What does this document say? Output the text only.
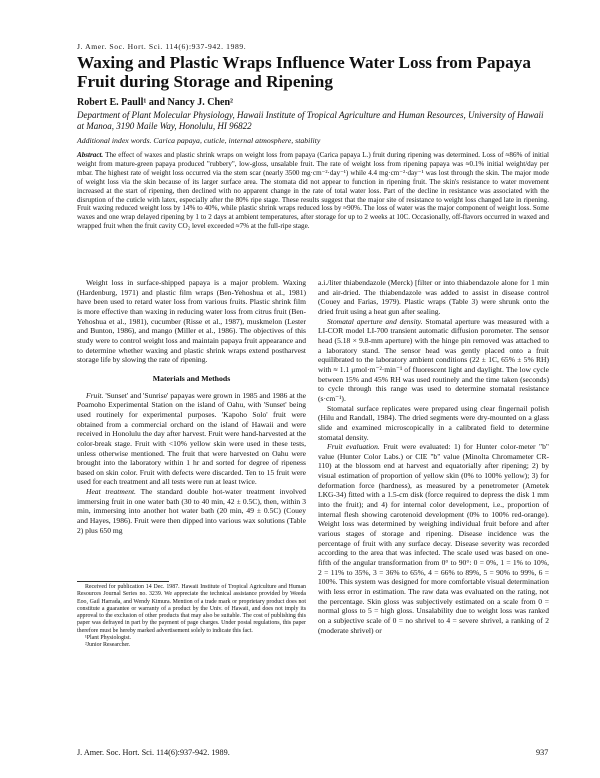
J. Amer. Soc. Hort. Sci. 114(6):937-942. 1989.
Waxing and Plastic Wraps Influence Water Loss from Papaya Fruit during Storage and Ripening
Robert E. Paull¹ and Nancy J. Chen²
Department of Plant Molecular Physiology, Hawaii Institute of Tropical Agriculture and Human Resources, University of Hawaii at Manoa, 3190 Maile Way, Honolulu, HI 96822
Additional index words. Carica papaya, cuticle, internal atmosphere, stability
Abstract. The effect of waxes and plastic shrink wraps on weight loss from papaya (Carica papaya L.) fruit during ripening was determined. Loss of ≈86% of initial weight from mature-green papaya produced "rubbery", low-gloss, unsalable fruit. The rate of weight loss from ripening papaya was ≈0.1% initial weight/day per mbar. The highest rate of weight loss occurred via the stem scar (nearly 3500 mg·cm⁻²·day⁻¹) while 4.4 mg·cm⁻²·day⁻¹ was lost through the skin. The major mode of weight loss via the skin because of its larger surface area. The stomata did not appear to function in ripening fruit. The skin's resistance to water movement increased at the start of ripening, then declined with no apparent change in the rate of total water loss. Part of the decline in resistance was associated with the disruption of the cuticle with latex, especially after the 80% ripe stage. These results suggest that the major site of resistance to weight loss changed late in ripening. Fruit waxing reduced weight loss by 14% to 40%, while plastic shrink wraps reduced loss by ≈90%. The loss of water was the major component of weight loss. Some waxes and one wrap delayed ripening by 1 to 2 days at ambient temperatures, after storage for up to 2 weeks at 10C. Occasionally, off-flavors occurred in waxed and wrapped fruit when the fruit cavity CO₂ level exceeded ≈7% at the full-ripe stage.

Weight loss in surface-shipped papaya is a major problem. Waxing (Hardenburg, 1971) and plastic film wraps (Ben-Yehoshua et al., 1981) have been used to retard water loss from various fruits. Plastic shrink film is more effective than waxing in reducing water loss from citrus fruit (Ben-Yehoshua et al., 1981), cucumber (Risse et al., 1987), muskmelon (Lester and Bunton, 1986), and mango (Miller et al., 1986). The objectives of this study were to control weight loss and maintain papaya fruit appearance and to determine whether waxing and plastic shrink wraps extend postharvest storage life by slowing the rate of ripening.

Materials and Methods

Fruit. 'Sunset' and 'Sunrise' papayas were grown in 1985 and 1986 at the Poamoho Experimental Station on the island of Oahu, with 'Sunset' being used routinely for experimental purposes. 'Kapoho Solo' fruit were obtained from a commercial orchard on the island of Hawaii and were received in Honolulu the day after harvest. Fruit were hand-harvested at the color-break stage. Fruit with <10% yellow skin were used in these tests, unless otherwise mentioned. The fruit that were harvested on Oahu were brought into the laboratory within 1 hr and sorted for degree of ripeness based on skin color. Fruit with defects were discarded. Ten to 15 fruit were used for each treatment and all tests were run at least twice.

Heat treatment. The standard double hot-water treatment involved immersing fruit in one water bath (30 to 40 min, 42 ± 0.5C), then, within 3 min, immersing into another hot water bath (20 min, 49 ± 0.5C) (Couey and Hayes, 1986). Fruit were then dipped into various wax solutions (Table 2) plus 650 mg

a.i./liter thiabendazole (Merck) [filter or into thiabendazole alone for 1 min and air-dried. The thiabendazole was added to assist in disease control (Couey and Farias, 1979). Plastic wraps (Table 3) were shrunk onto the dried fruit using a heat gun after sealing.

Stomatal aperture and density. Stomatal aperture was measured with a LI-COR model LI-700 transient automatic diffusion porometer. The sensor head (5.18 × 9.8-mm aperture) with the hinge pin removed was attached to a laboratory stand. The sensor head was gently placed onto a fruit equilibrated to the laboratory ambient conditions (22 ± 1C, 65% ± 5% RH) with ≈ 1.1 μmol·m⁻²·min⁻¹ of fluorescent light and daylight. The low cycle between 15% and 45% RH was used routinely and the time taken (seconds) to cycle through this range was used to determine stomatal resistance (s·cm⁻¹).

Stomatal surface replicates were prepared using clear fingernail polish (Hilu and Randall, 1984). The dried segments were dry-mounted on a glass slide and examined microscopically in a calibrated field to determine stomatal density.

Fruit evaluation. Fruit were evaluated: 1) for Hunter color-meter "b" value (Hunter Color Labs.) or CIE "b" value (Minolta Chromameter CR-110) at the blossom end at harvest and equatorially after ripening; 2) by visual estimation of proportion of yellow skin (0% to 100% yellow); 3) for deformation force (hardness), as measured by a penetrometer (Ametek LKG-34) fitted with a 1.5-cm disk (force required to depress the disk 1 mm into the fruit); and 4) for internal color development, i.e., proportion of internal flesh showing carotenoid development (0% to 100% red-orange). Weight loss was determined by weighing individual fruit before and after various stages of storage and ripening. Disease incidence was the percentage of fruit with any surface decay. Disease severity was recorded according to the area that was infected. The scale used was based on one-fifth of the angular transformation from 0° to 90°: 0 = 0%, 1 = 1% to 10%, 2 = 11% to 35%, 3 = 36% to 65%, 4 = 66% to 89%, 5 = 90% to 99%, 6 = 100%. This system was designed for more comfortable visual determination with less error in estimation. The raw data was evaluated on the rating, not the percentage. Skin gloss was subjectively estimated on a scale from 0 = normal gloss to 5 = high gloss. Unsalability due to weight loss was ranked on a subjective scale of 0 = no shrivel to 4 = severe shrivel, a ranking of 2 (moderate shrivel) or

Received for publication 14 Dec. 1987. Hawaii Institute of Tropical Agriculture and Human Resources Journal Series no. 3239. We appreciate the technical assistance provided by Weeda Eoo, Gail Harrada, and Wendy Kimura. Mention of a trade mark or proprietary product does not constitute a guarantee or warranty of a product by the Univ. of Hawaii, and does not imply its approval to the exclusion of other products that may also be suitable. The cost of publishing this paper was defrayed in part by the payment of page charges. Under postal regulations, this paper therefore must be hereby marked advertisement solely to indicate this fact.

¹Plant Physiologist.

²Junior Researcher.

J. Amer. Soc. Hort. Sci. 114(6):937-942. 1989.	937
